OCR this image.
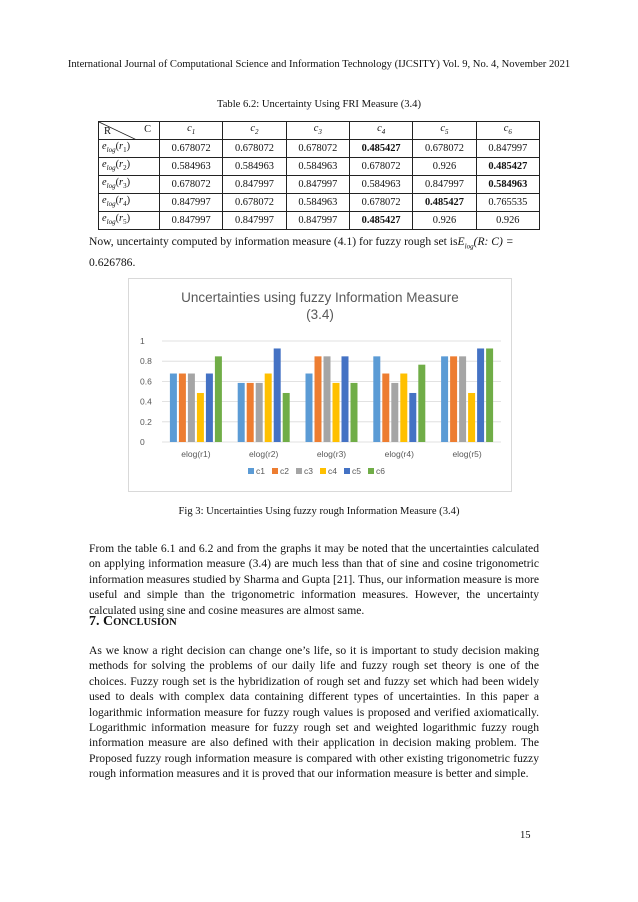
International Journal of Computational Science and Information Technology (IJCSITY) Vol. 9, No. 4, November 2021
Table 6.2: Uncertainty Using FRI Measure (3.4)
C
R	$c_1$	$c_2$	$c_3$	$c_4$	$c_5$	$c_6$
$e_{log}(r_1)$	0.678072	0.678072	0.678072	0.485427	0.678072	0.847997
$e_{log}(r_2)$	0.584963	0.584963	0.584963	0.678072	0.926	0.485427
$e_{log}(r_3)$	0.678072	0.847997	0.847997	0.584963	0.847997	0.584963
$e_{log}(r_4)$	0.847997	0.678072	0.584963	0.678072	0.485427	0.765535
$e_{log}(r_5)$	0.847997	0.847997	0.847997	0.485427	0.926	0.926
Now, uncertainty computed by information measure (4.1) for fuzzy rough set isE$_{log}$(R: C) =
0.626786.
Uncertainties using fuzzy Information Measure
(3.4)
0
0.2
0.4
0.6
0.8
1
elog(r1)	elog(r2)	elog(r3)	elog(r4)	elog(r5)
c1 c2 c3 c4 c5 c6
Fig 3: Uncertainties Using fuzzy rough Information Measure (3.4)
From the table 6.1 and 6.2 and from the graphs it may be noted that the uncertainties calculated on applying information measure (3.4) are much less than that of sine and cosine trigonometric information measures studied by Sharma and Gupta [21]. Thus, our information measure is more useful and simple than the trigonometric information measures. However, the uncertainty calculated using sine and cosine measures are almost same.
7. CONCLUSION
As we know a right decision can change one’s life, so it is important to study decision making methods for solving the problems of our daily life and fuzzy rough set theory is one of the choices. Fuzzy rough set is the hybridization of rough set and fuzzy set which had been widely used to deals with complex data containing different types of uncertainties. In this paper a logarithmic information measure for fuzzy rough values is proposed and verified axiomatically. Logarithmic information measure for fuzzy rough set and weighted logarithmic fuzzy rough information measure are also defined with their application in decision making problem. The Proposed fuzzy rough information measure is compared with other existing trigonometric fuzzy rough information measures and it is proved that our information measure is better and simple.
15
